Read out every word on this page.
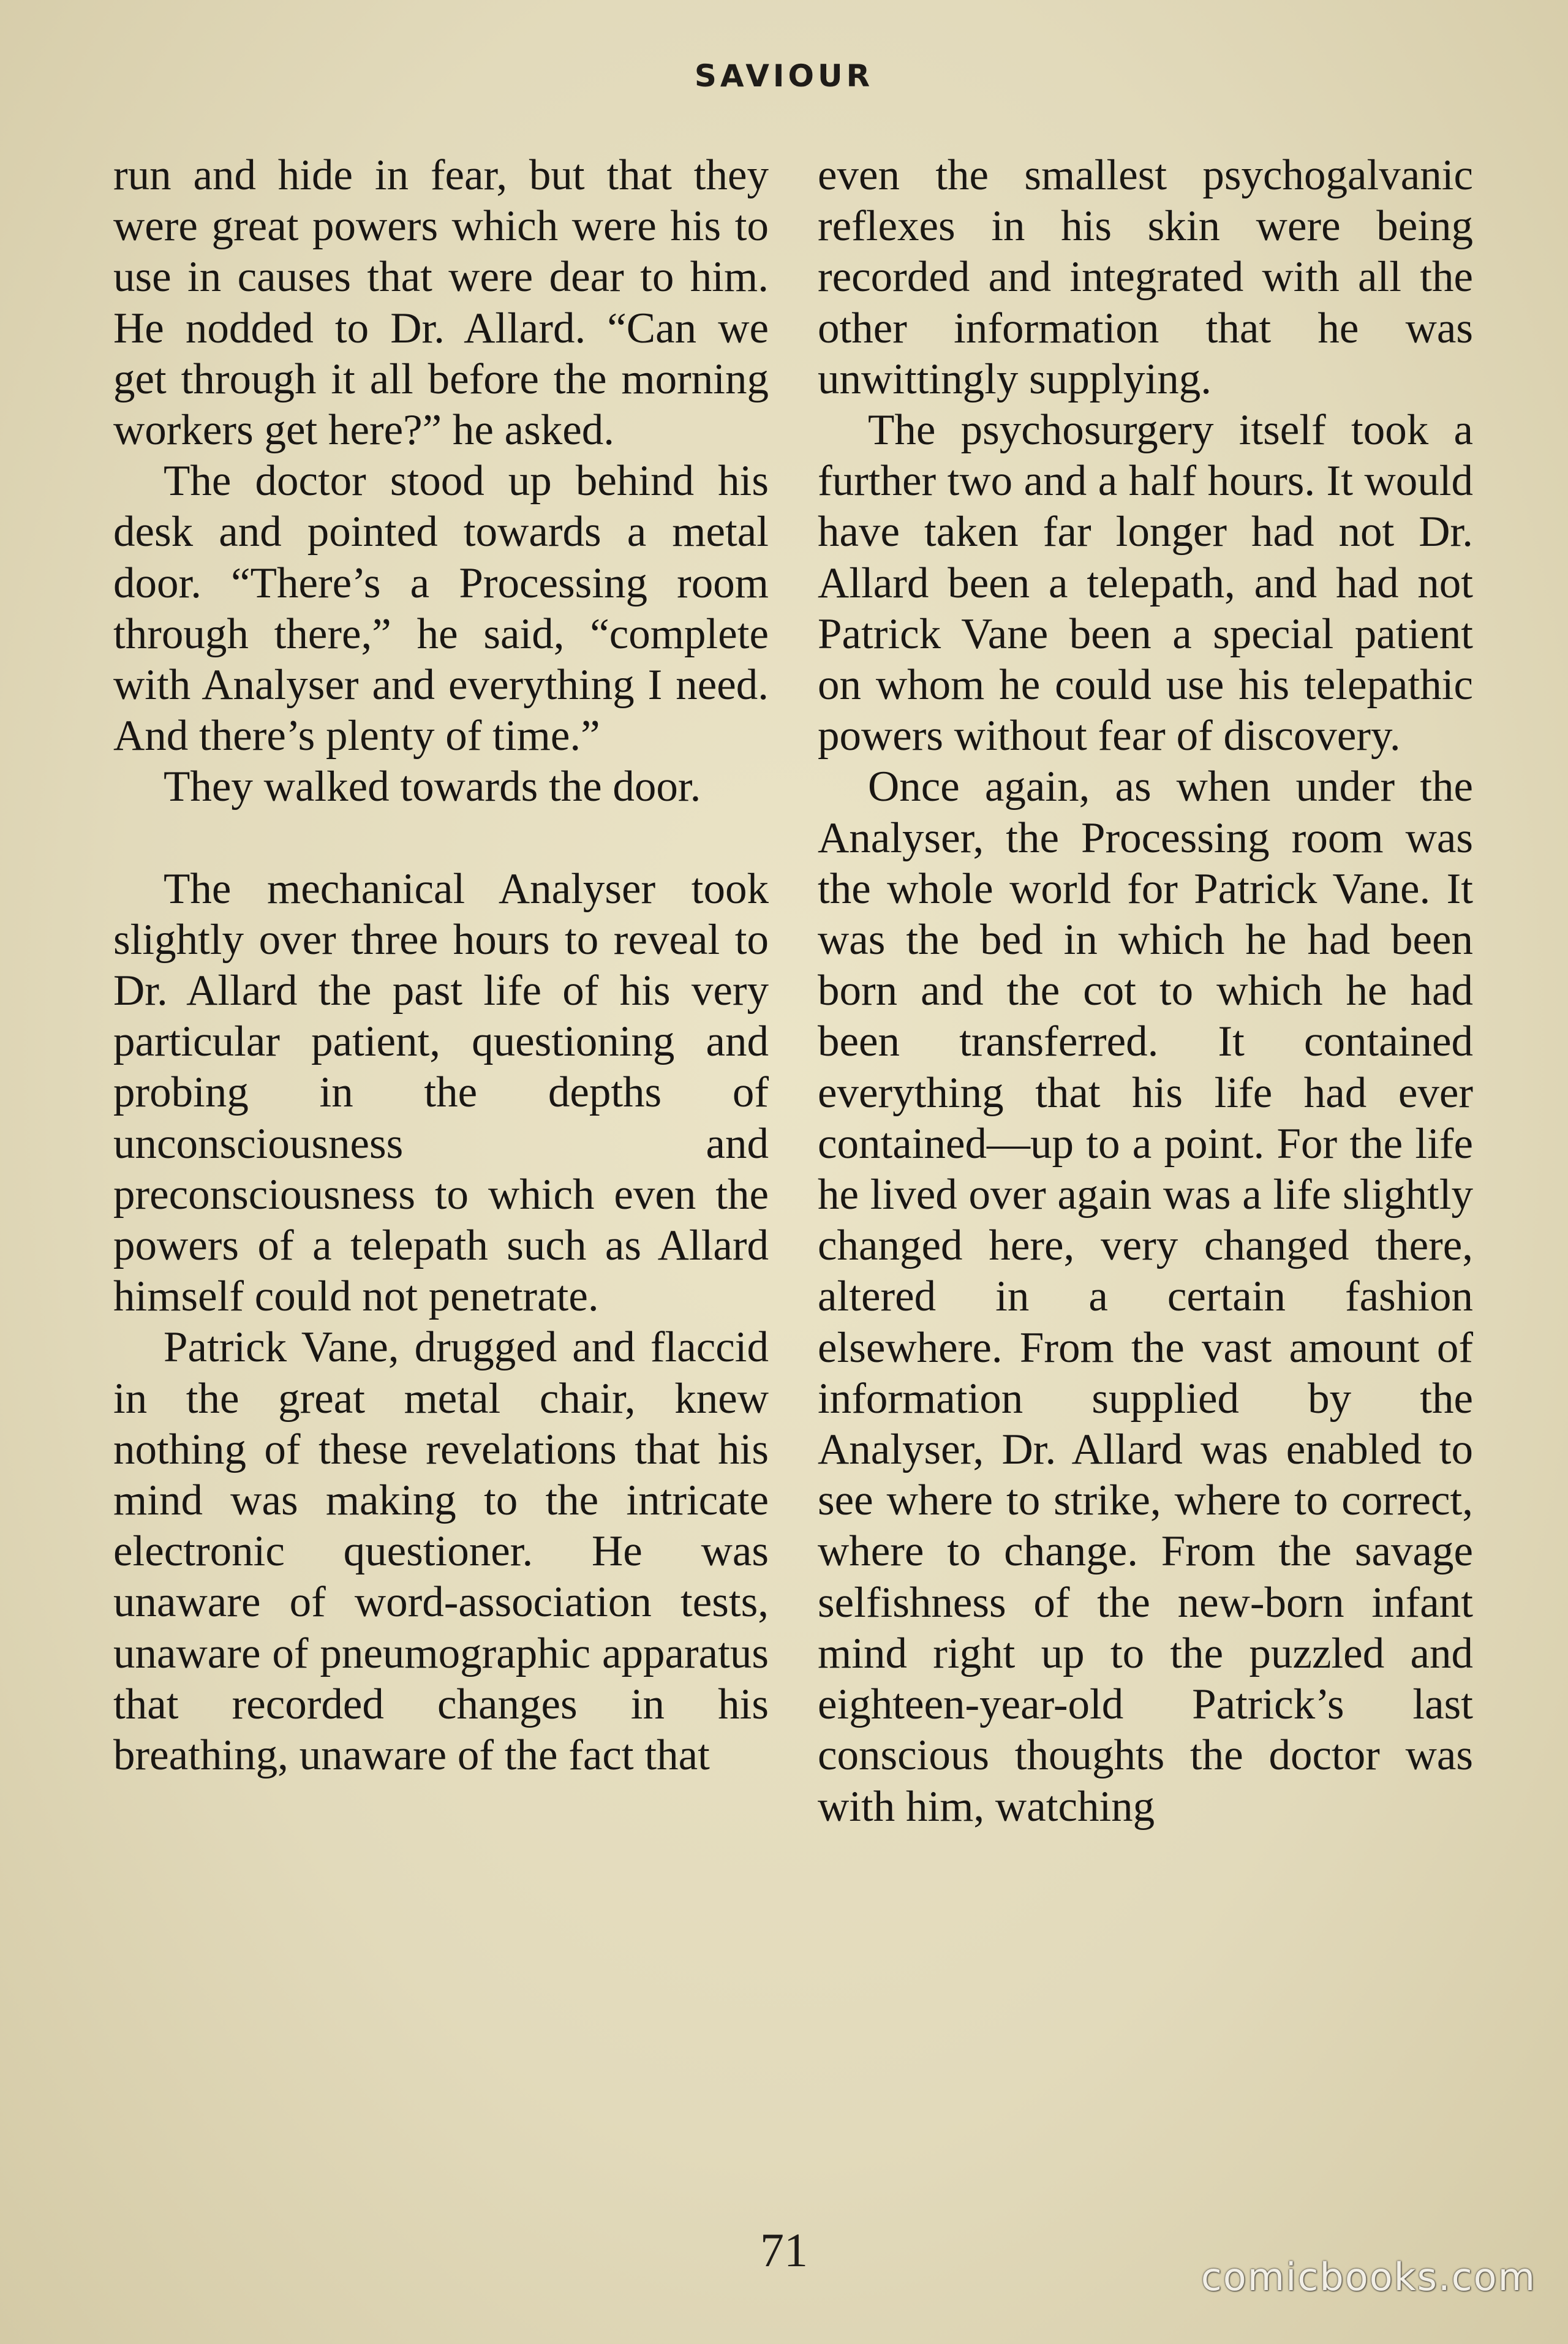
SAVIOUR

run and hide in fear, but that they were great powers which were his to use in causes that were dear to him. He nodded to Dr. Allard. “Can we get through it all before the morning workers get here?” he asked.

The doctor stood up behind his desk and pointed towards a metal door. “There’s a Processing room through there,” he said, “complete with Analyser and everything I need. And there’s plenty of time.”

They walked towards the door.

The mechanical Analyser took slightly over three hours to reveal to Dr. Allard the past life of his very particular patient, questioning and probing in the depths of unconsciousness and preconsciousness to which even the powers of a telepath such as Allard himself could not penetrate.

Patrick Vane, drugged and flaccid in the great metal chair, knew nothing of these revelations that his mind was making to the intricate electronic questioner. He was unaware of word-association tests, unaware of pneumographic apparatus that recorded changes in his breathing, unaware of the fact that

even the smallest psychogalvanic reflexes in his skin were being recorded and integrated with all the other information that he was unwittingly supplying.

The psychosurgery itself took a further two and a half hours. It would have taken far longer had not Dr. Allard been a telepath, and had not Patrick Vane been a special patient on whom he could use his telepathic powers without fear of discovery.

Once again, as when under the Analyser, the Processing room was the whole world for Patrick Vane. It was the bed in which he had been born and the cot to which he had been transferred. It contained everything that his life had ever contained—up to a point. For the life he lived over again was a life slightly changed here, very changed there, altered in a certain fashion elsewhere. From the vast amount of information supplied by the Analyser, Dr. Allard was enabled to see where to strike, where to correct, where to change. From the savage selfishness of the new-born infant mind right up to the puzzled and eighteen-year-old Patrick’s last conscious thoughts the doctor was with him, watching

71
comicbooks.com
